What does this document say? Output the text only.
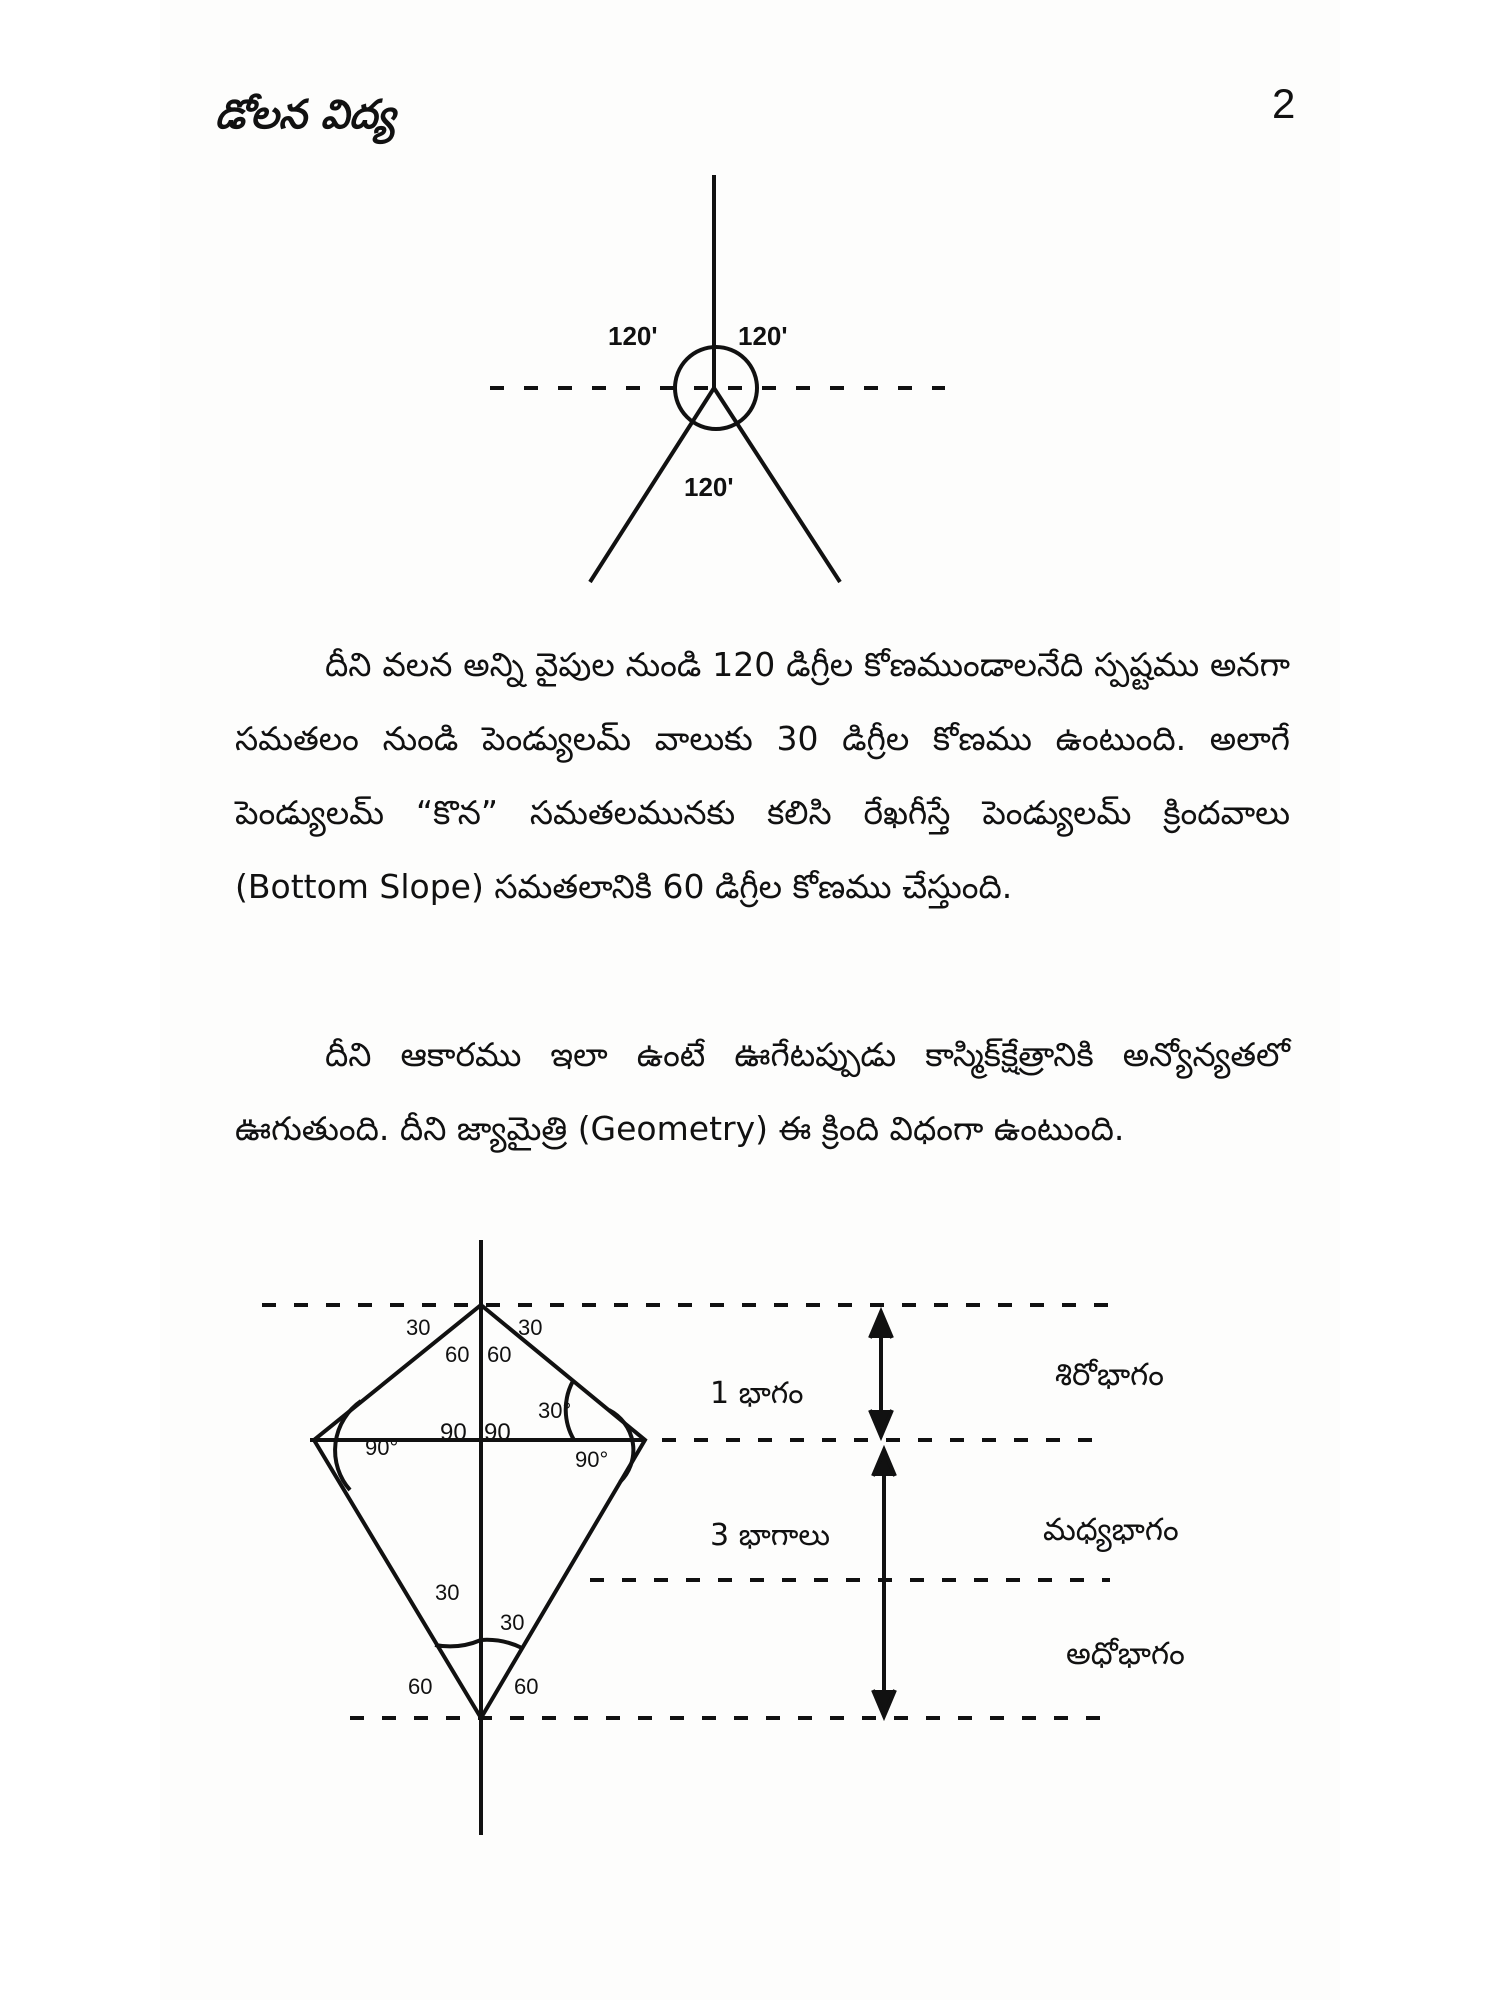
డోలన విద్య	2
120'	120'
120'
30	30
60 60
90 90
90°
30°
90°
30
30
60	60
1 భాగం
3 భాగాలు
శిరోభాగం
మధ్యభాగం
అధోభాగం
దీని వలన అన్ని వైపుల నుండి 120 డిగ్రీల కోణముండాలనేది స్పష్టము అనగా సమతలం నుండి పెండ్యులమ్ వాలుకు 30 డిగ్రీల కోణము ఉంటుంది. అలాగే పెండ్యులమ్ “కొన” సమతలమునకు కలిసి రేఖగీస్తే పెండ్యులమ్ క్రిందవాలు (Bottom Slope) సమతలానికి 60 డిగ్రీల కోణము చేస్తుంది.
దీని ఆకారము ఇలా ఉంటే ఊగేటప్పుడు కాస్మిక్‌క్షేత్రానికి అన్యోన్యతలో ఊగుతుంది. దీని జ్యామైత్రి (Geometry) ఈ క్రింది విధంగా ఉంటుంది.
